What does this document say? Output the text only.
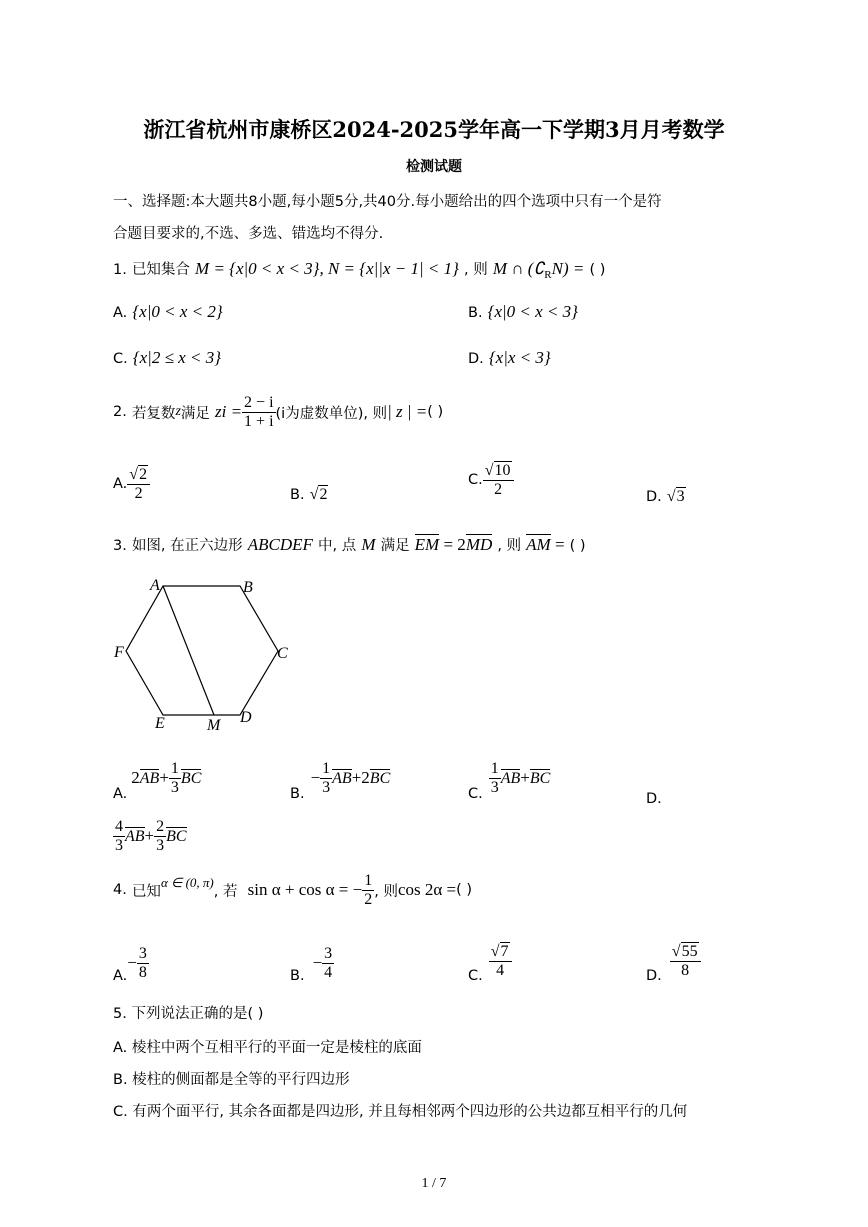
浙江省杭州市康桥区2024-2025学年高一下学期3月月考数学
检测试题
一、选择题:本大题共8小题,每小题5分,共40分.每小题给出的四个选项中只有一个是符
合题目要求的,不选、多选、错选均不得分.
1. 已知集合 M = {x|0 < x < 3}, N = {x||x − 1| < 1} , 则 M ∩ $(∁_RN)$ = ( )
A. {x|0 < x < 2}	B. {x|0 < x < 3}
C. {x|2 ≤ x < 3}	D. {x|x < 3}
2.
若复数 z 满足
zi = $\frac{2 - i}{1 + i} (i$为虚数单位), 则 | z | = ( )
A. $\frac{√2}{2}$	B. √2
C. $\frac{√10}{2}$	D. √3
3. 如图, 在正六边形 ABCDEF 中, 点 M 满足 EM = 2MD , 则 AM = ( )
A	B
C
D
E
F
M
A.
2 AB + $\frac{1}{3}$ BC
B.
− $\frac{1}{3}$ AB + 2 BC
C. $\frac{1}{3}$ AB + BC
D.
$\frac{4}{3}$ AB + $\frac{2}{3}$ BC
4.
已知
α ∈ (0, π)
, 若
sin α + cos α = − $\frac{1}{2}$ , 则 cos 2α = ( )
A.
− $\frac{3}{8}$	B.
− $\frac{3}{4}$	C. $\frac{√7}{4}$	D. $\frac{√55}{8}$
5. 下列说法正确的是( )
A. 棱柱中两个互相平行的平面一定是棱柱的底面
B. 棱柱的侧面都是全等的平行四边形
C. 有两个面平行, 其余各面都是四边形, 并且每相邻两个四边形的公共边都互相平行的几何
1 / 7
